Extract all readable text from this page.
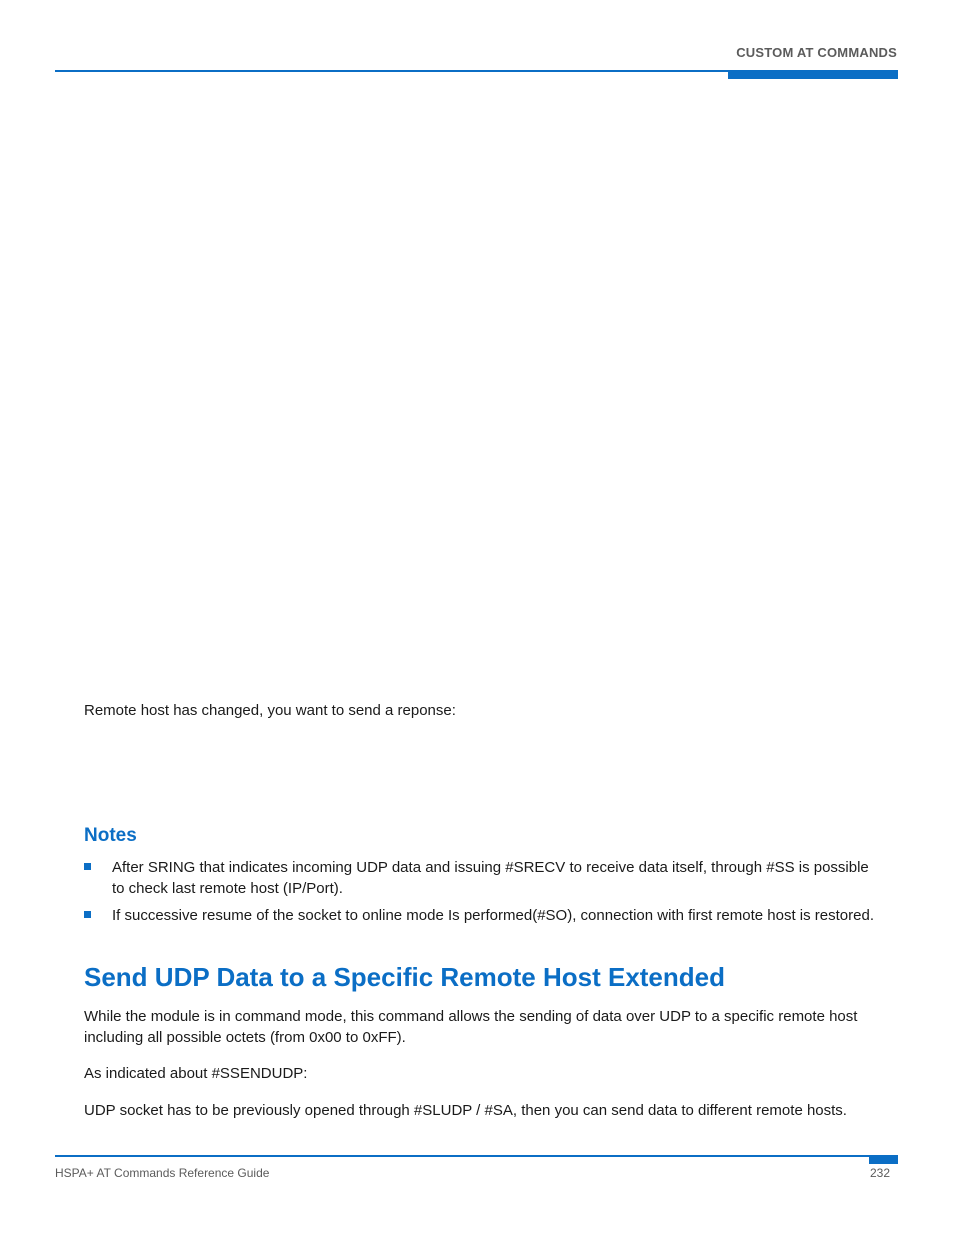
CUSTOM AT COMMANDS
Remote host has changed, you want to send a reponse:
Notes
After SRING that indicates incoming UDP data and issuing #SRECV to receive data itself, through #SS is possible to check last remote host (IP/Port).
If successive resume of the socket to online mode Is performed(#SO), connection with first remote host is restored.
Send UDP Data to a Specific Remote Host Extended
While the module is in command mode, this command allows the sending of data over UDP to a specific remote host including all possible octets (from 0x00 to 0xFF).
As indicated about #SSENDUDP:
UDP socket has to be previously opened through #SLUDP / #SA, then you can send data to different remote hosts.
HSPA+ AT Commands Reference Guide	232
